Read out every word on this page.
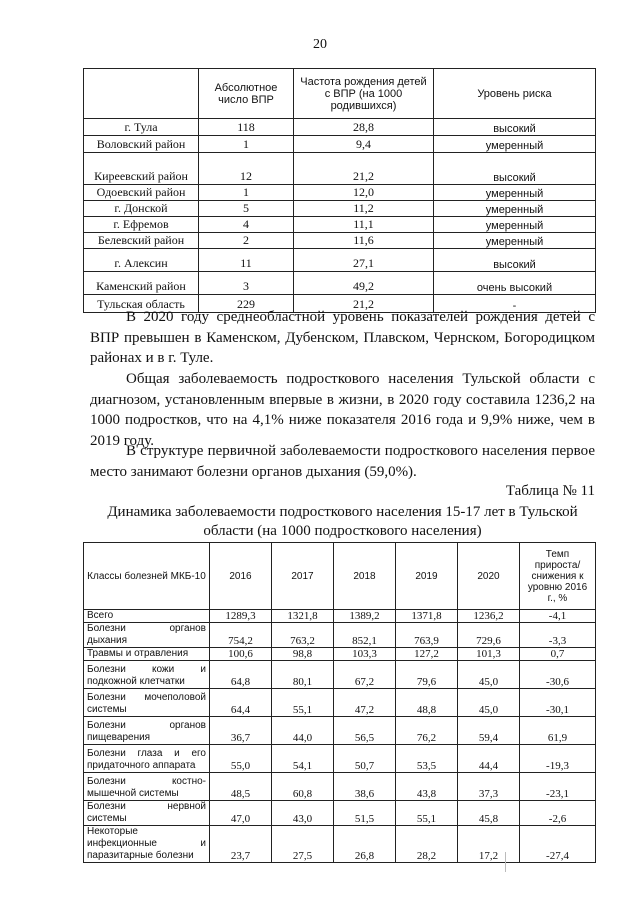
20
	Абсолютное число ВПР	Частота рождения детей с ВПР (на 1000 родившихся)	Уровень риска
г. Тула	118	28,8	высокий
Воловский район	1	9,4	умеренный
Киреевский район	12	21,2	высокий
Одоевский район	1	12,0	умеренный
г. Донской	5	11,2	умеренный
г. Ефремов	4	11,1	умеренный
Белевский район	2	11,6	умеренный
г. Алексин	11	27,1	высокий
Каменский район	3	49,2	очень высокий
Тульская область	229	21,2	-
В 2020 году среднеобластной уровень показателей рождения детей с ВПР превышен в Каменском, Дубенском, Плавском, Чернском, Богородицком районах и в г. Туле.
Общая заболеваемость подросткового населения Тульской области с диагнозом, установленным впервые в жизни, в 2020 году составила 1236,2 на 1000 подростков, что на 4,1% ниже показателя 2016 года и 9,9% ниже, чем в 2019 году.
В структуре первичной заболеваемости подросткового населения первое место занимают болезни органов дыхания (59,0%).
Таблица № 11
Динамика заболеваемости подросткового населения 15-17 лет в Тульской области (на 1000 подросткового населения)
Классы болезней МКБ-10	2016	2017	2018	2019	2020	Темп прироста/ снижения к уровню 2016 г., %
Всего	1289,3	1321,8	1389,2	1371,8	1236,2	-4,1
Болезни органов дыхания	754,2	763,2	852,1	763,9	729,6	-3,3
Травмы и отравления	100,6	98,8	103,3	127,2	101,3	0,7
Болезни кожи и подкожной клетчатки	64,8	80,1	67,2	79,6	45,0	-30,6
Болезни мочеполовой системы	64,4	55,1	47,2	48,8	45,0	-30,1
Болезни органов пищеварения	36,7	44,0	56,5	76,2	59,4	61,9
Болезни глаза и его придаточного аппарата	55,0	54,1	50,7	53,5	44,4	-19,3
Болезни костно-мышечной системы	48,5	60,8	38,6	43,8	37,3	-23,1
Болезни нервной системы	47,0	43,0	51,5	55,1	45,8	-2,6
Некоторые инфекционные и паразитарные болезни	23,7	27,5	26,8	28,2	17,2	-27,4
